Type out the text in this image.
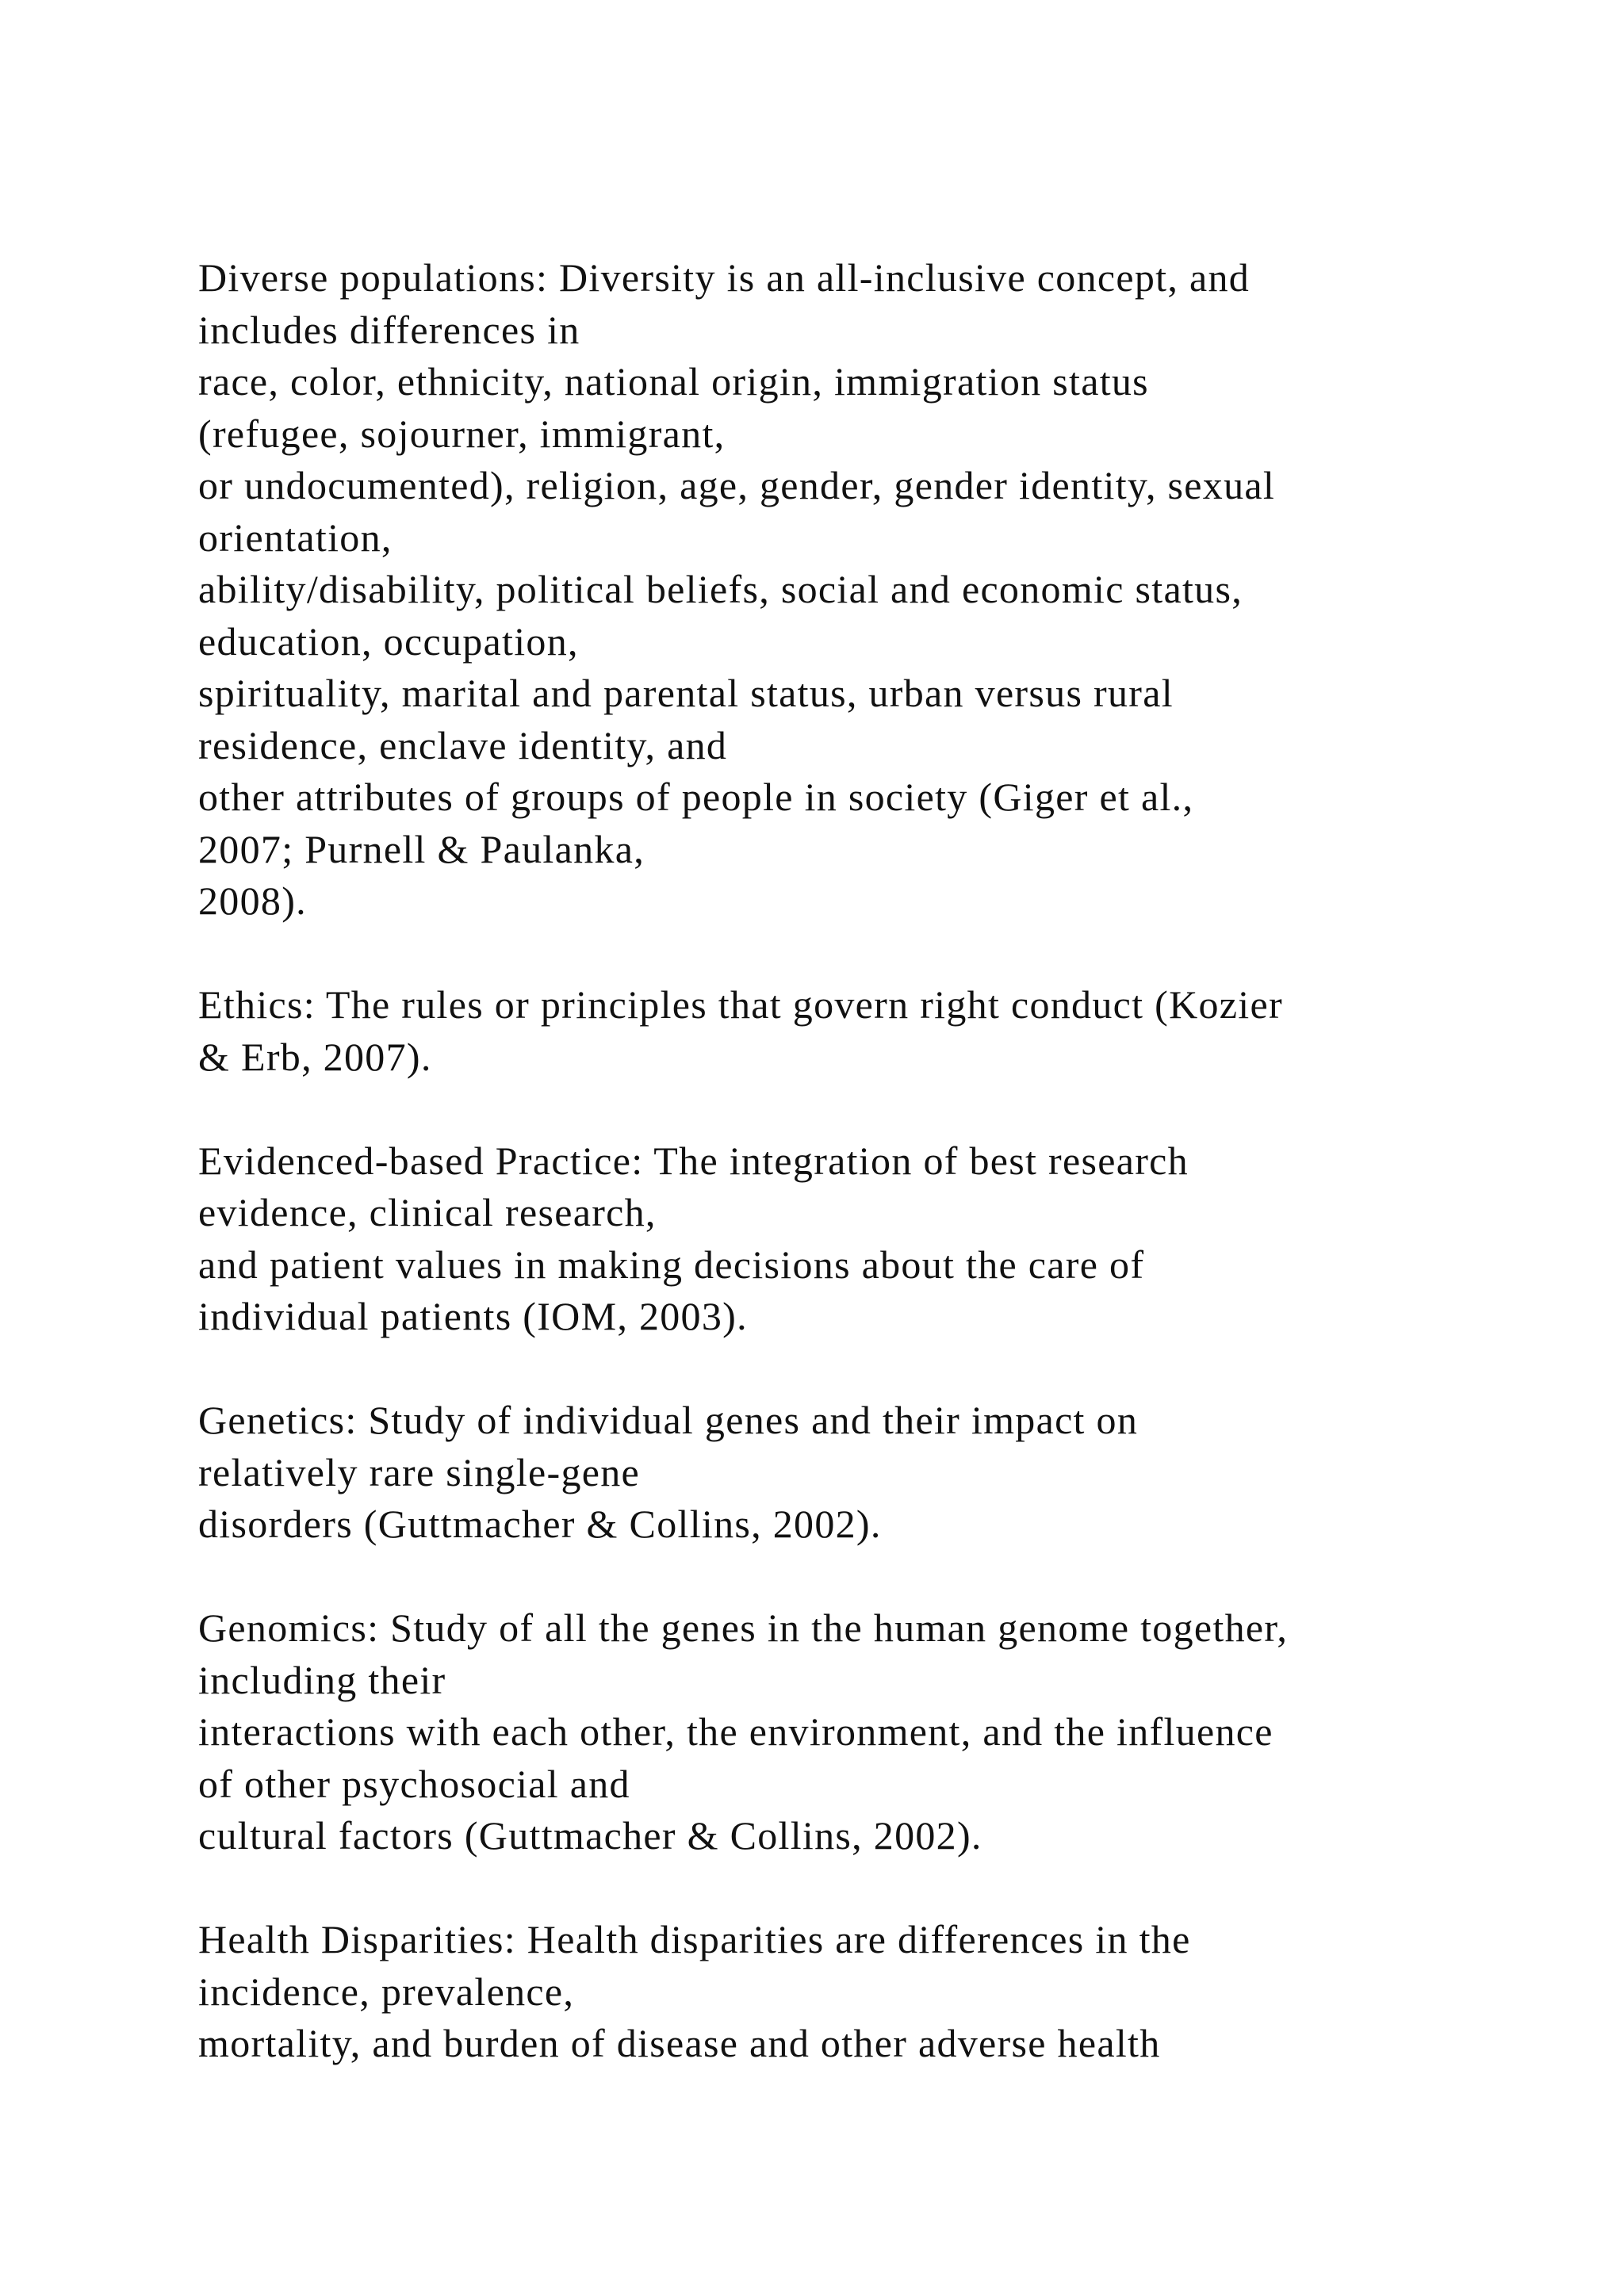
Diverse populations: Diversity is an all-inclusive concept, and
includes differences in
race, color, ethnicity, national origin, immigration status
(refugee, sojourner, immigrant,
or undocumented), religion, age, gender, gender identity, sexual
orientation,
ability/disability, political beliefs, social and economic status,
education, occupation,
spirituality, marital and parental status, urban versus rural
residence, enclave identity, and
other attributes of groups of people in society (Giger et al.,
2007; Purnell & Paulanka,
2008).
Ethics: The rules or principles that govern right conduct (Kozier
& Erb, 2007).
Evidenced-based Practice: The integration of best research
evidence, clinical research,
and patient values in making decisions about the care of
individual patients (IOM, 2003).
Genetics: Study of individual genes and their impact on
relatively rare single-gene
disorders (Guttmacher & Collins, 2002).
Genomics: Study of all the genes in the human genome together,
including their
interactions with each other, the environment, and the influence
of other psychosocial and
cultural factors (Guttmacher & Collins, 2002).
Health Disparities: Health disparities are differences in the
incidence, prevalence,
mortality, and burden of disease and other adverse health
